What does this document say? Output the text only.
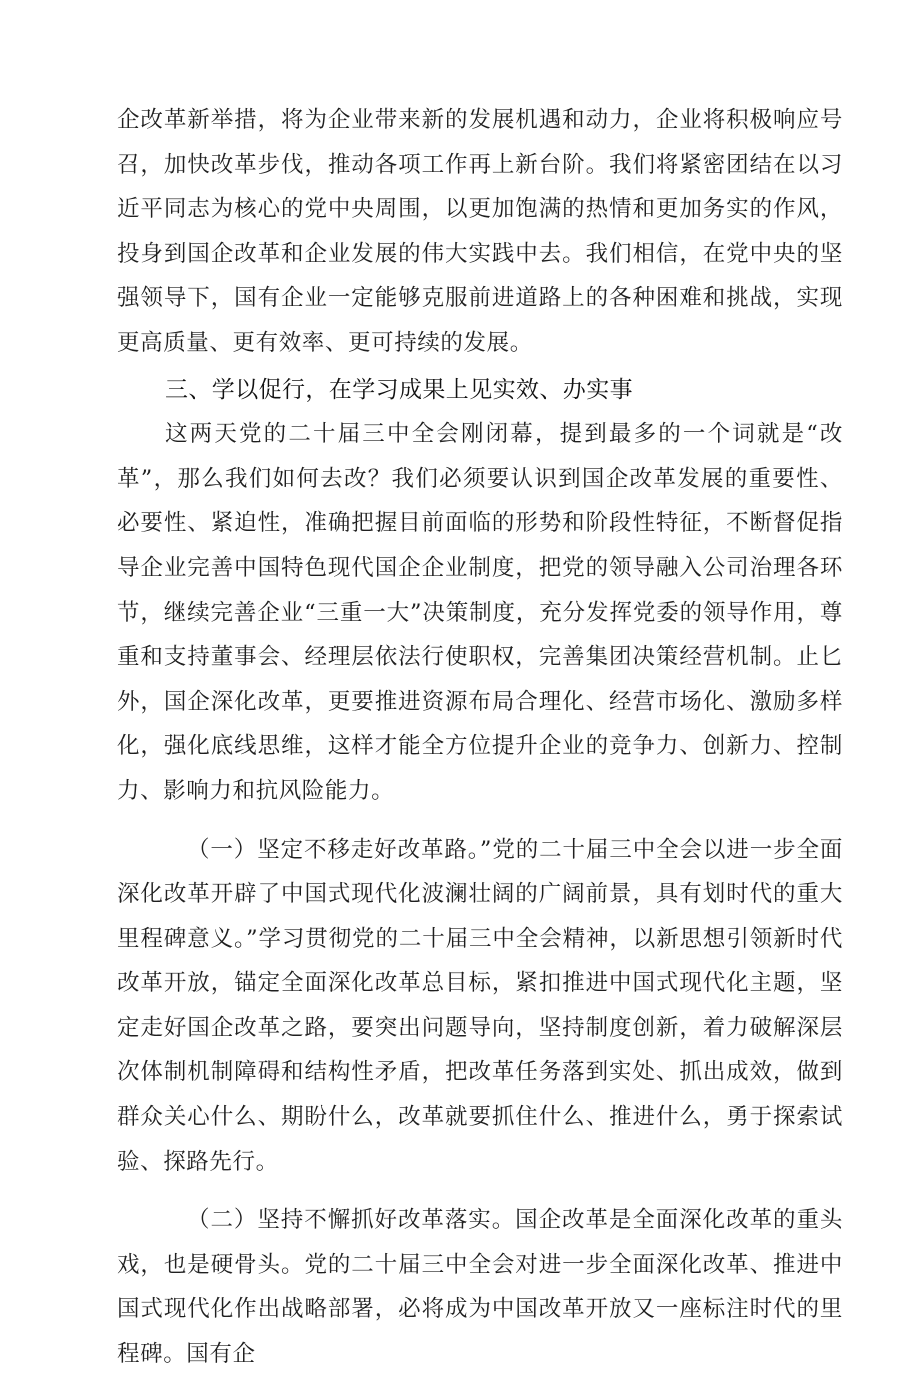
企改革新举措，将为企业带来新的发展机遇和动力，企业将积极响应号召，加快改革步伐，推动各项工作再上新台阶。我们将紧密团结在以习近平同志为核心的党中央周围，以更加饱满的热情和更加务实的作风，投身到国企改革和企业发展的伟大实践中去。我们相信，在党中央的坚强领导下，国有企业一定能够克服前进道路上的各种困难和挑战，实现更高质量、更有效率、更可持续的发展。

三、学以促行，在学习成果上见实效、办实事

这两天党的二十届三中全会刚闭幕，提到最多的一个词就是“改革”，那么我们如何去改？我们必须要认识到国企改革发展的重要性、必要性、紧迫性，准确把握目前面临的形势和阶段性特征，不断督促指导企业完善中国特色现代国企企业制度，把党的领导融入公司治理各环节，继续完善企业“三重一大”决策制度，充分发挥党委的领导作用，尊重和支持董事会、经理层依法行使职权，完善集团决策经营机制。止匕外，国企深化改革，更要推进资源布局合理化、经营市场化、激励多样化，强化底线思维，这样才能全方位提升企业的竞争力、创新力、控制力、影响力和抗风险能力。

（一）坚定不移走好改革路。”党的二十届三中全会以进一步全面深化改革开辟了中国式现代化波澜壮阔的广阔前景，具有划时代的重大里程碑意义。”学习贯彻党的二十届三中全会精神，以新思想引领新时代改革开放，锚定全面深化改革总目标，紧扣推进中国式现代化主题，坚定走好国企改革之路，要突出问题导向，坚持制度创新，着力破解深层次体制机制障碍和结构性矛盾，把改革任务落到实处、抓出成效，做到群众关心什么、期盼什么，改革就要抓住什么、推进什么，勇于探索试验、探路先行。

（二）坚持不懈抓好改革落实。国企改革是全面深化改革的重头戏，也是硬骨头。党的二十届三中全会对进一步全面深化改革、推进中国式现代化作出战略部署，必将成为中国改革开放又一座标注时代的里程碑。国有企
